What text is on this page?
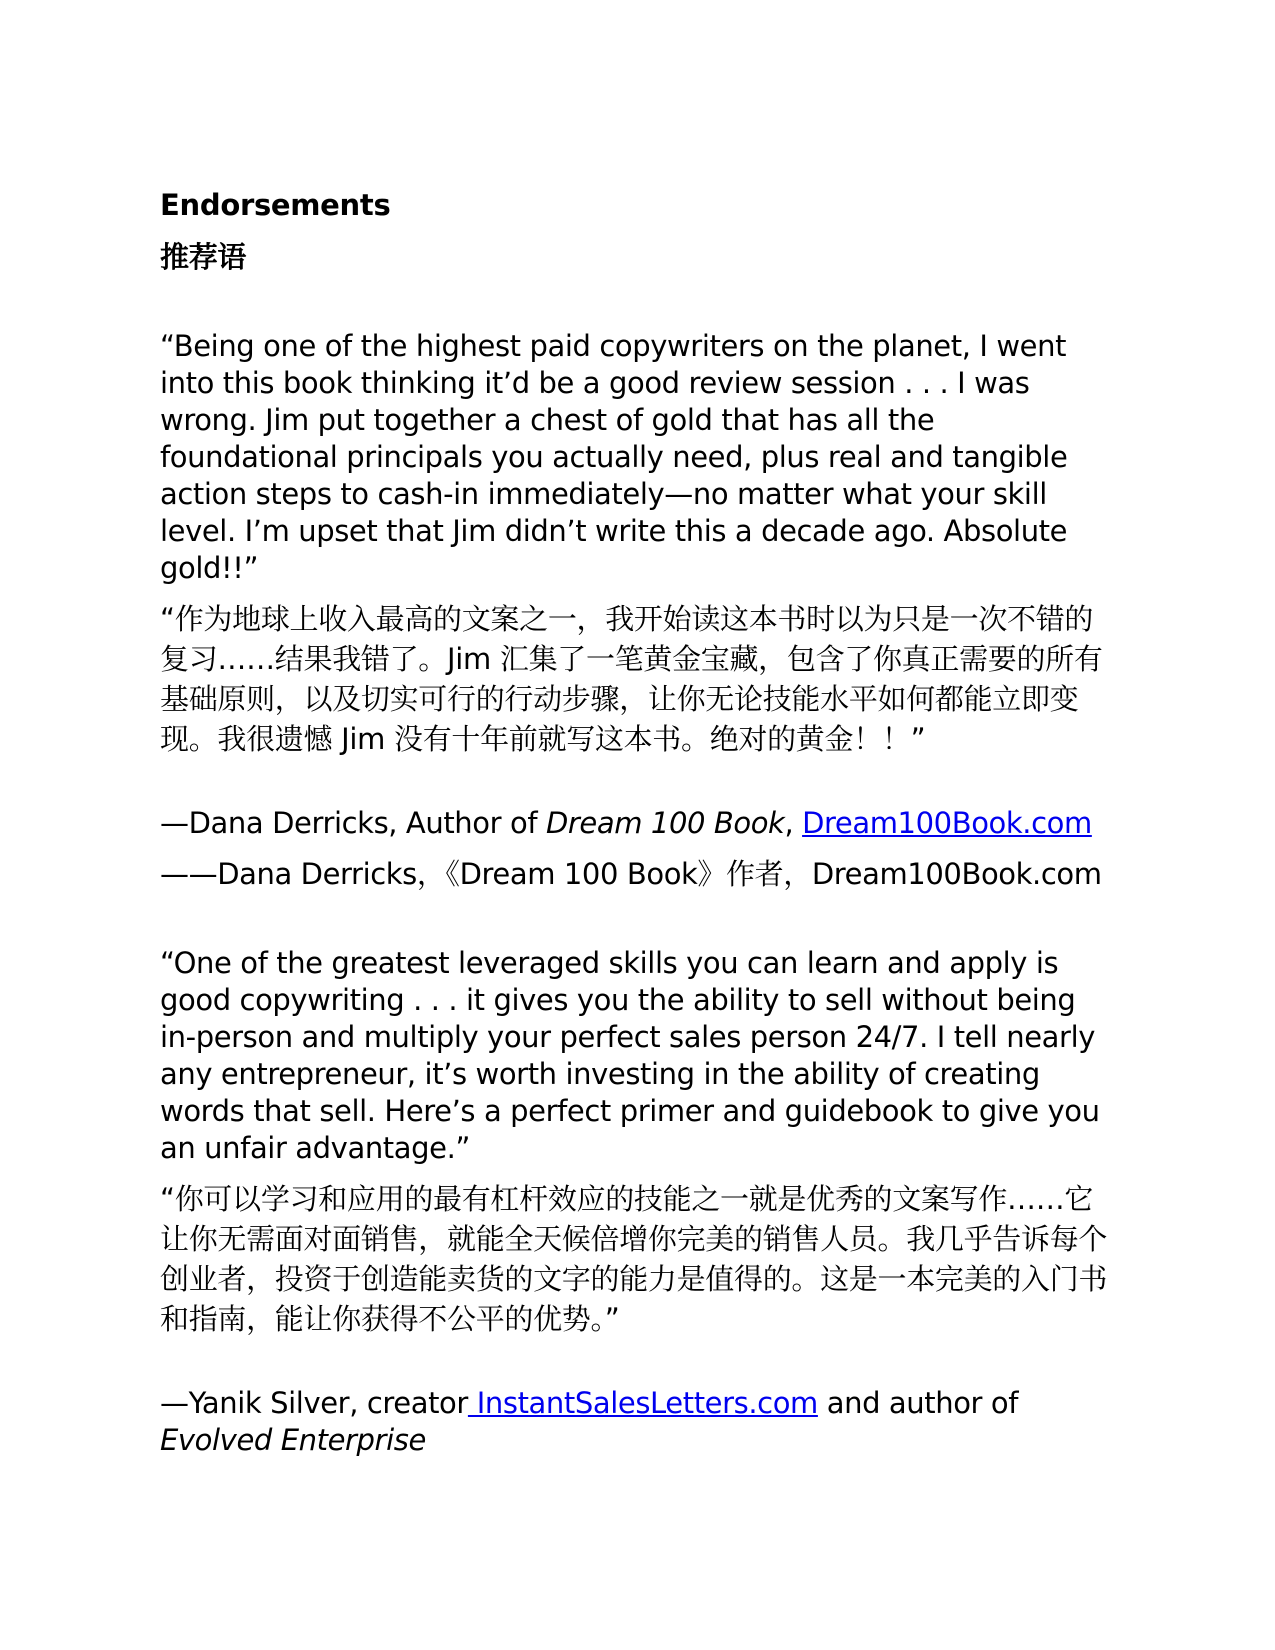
Endorsements
推荐语

“Being one of the highest paid copywriters on the planet, I went into this book thinking it’d be a good review session . . . I was wrong. Jim put together a chest of gold that has all the foundational principals you actually need, plus real and tangible action steps to cash-in immediately—no matter what your skill level. I’m upset that Jim didn’t write this a decade ago. Absolute gold!!”

“作为地球上收入最高的文案之一，我开始读这本书时以为只是一次不错的复习……结果我错了。Jim 汇集了一笔黄金宝藏，包含了你真正需要的所有基础原则，以及切实可行的行动步骤，让你无论技能水平如何都能立即变现。我很遗憾 Jim 没有十年前就写这本书。绝对的黄金！！”

—Dana Derricks, Author of Dream 100 Book, Dream100Book.com

——Dana Derricks，《Dream 100 Book》作者，Dream100Book.com

“One of the greatest leveraged skills you can learn and apply is good copywriting . . . it gives you the ability to sell without being in-person and multiply your perfect sales person 24/7. I tell nearly any entrepreneur, it’s worth investing in the ability of creating words that sell. Here’s a perfect primer and guidebook to give you an unfair advantage.”

“你可以学习和应用的最有杠杆效应的技能之一就是优秀的文案写作……它让你无需面对面销售，就能全天候倍增你完美的销售人员。我几乎告诉每个创业者，投资于创造能卖货的文字的能力是值得的。这是一本完美的入门书和指南，能让你获得不公平的优势。”

—Yanik Silver, creator InstantSalesLetters.com and author of Evolved Enterprise
